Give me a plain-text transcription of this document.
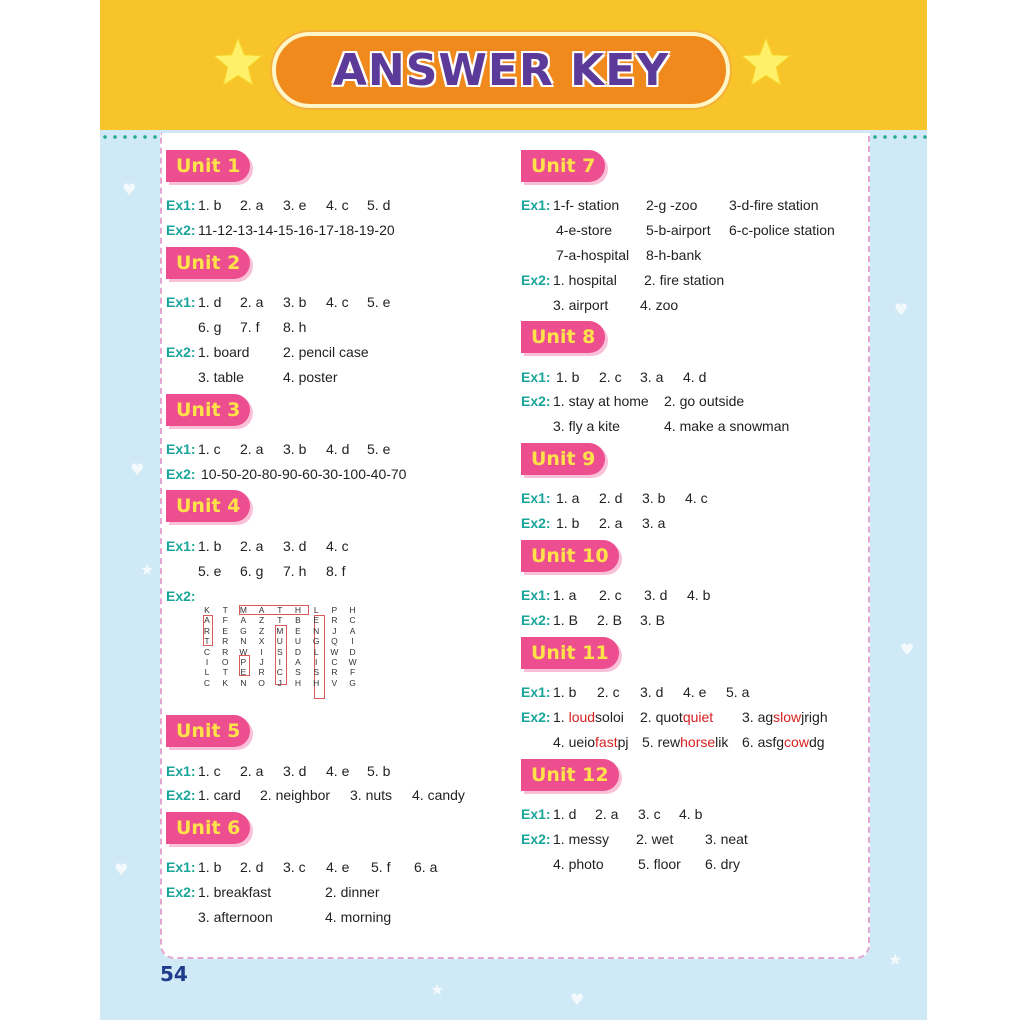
ANSWER KEY
♥
♥
♥
♥
♥
★
★
♥
★
Unit 1
Ex1: 1. b 2. a 3. e 4. c 5. d
Ex2: 11-12-13-14-15-16-17-18-19-20
Unit 2
Ex1: 1. d 2. a 3. b 4. c 5. e
6. g 7. f 8. h
Ex2: 1. board 2. pencil case
3. table	4. poster
Unit 3
Ex1: 1. c 2. a 3. b 4. d 5. e
Ex2: 10-50-20-80-90-60-30-100-40-70
Unit 4
Ex1: 1. b 2. a 3. d 4. c
5. e 6. g 7. h 8. f
Ex2:
K	T	M	A	T	H	L	P	H
A	F	A	Z	T	B	E	R	C
R	E	G	Z	M	E	N	J	A
T	R	N	X	U	U	G	Q	I
C	R	W	I	S	D	L	W	D
I	O	P	J	I	A	I	C	W
L	T	E	R	C	S	S	R	F
C	K	N	O	J	H	H	V	G
Unit 5
Ex1: 1. c 2. a 3. d 4. e 5. b
Ex2: 1. card 2. neighbor 3. nuts 4. candy
Unit 6
Ex1: 1. b 2. d 3. c 4. e 5. f 6. a
Ex2: 1. breakfast	2. dinner
3. afternoon	4. morning
Unit 7
Ex1: 1-f- station 2-g -zoo 3-d-fire station
4-e-store 5-b-airport 6-c-police station
7-a-hospital 8-h-bank
Ex2: 1. hospital 2. fire station
3. airport 4. zoo
Unit 8
Ex1: 1. b 2. c 3. a 4. d
Ex2: 1. stay at home 2. go outside
3. fly a kite	4. make a snowman
Unit 9
Ex1: 1. a 2. d 3. b 4. c
Ex2: 1. b 2. a 3. a
Unit 10
Ex1: 1. a 2. c 3. d 4. b
Ex2: 1. B 2. B 3. B
Unit 11
Ex1: 1. b 2. c 3. d 4. e 5. a
Ex2: 1. loudsoloi 2. quotquiet 3. agslowjrigh
4. ueiofastpj 5. rewhorselik 6. asfgcowdg
Unit 12
Ex1: 1. d 2. a 3. c 4. b
Ex2: 1. messy 2. wet 3. neat
4. photo 5. floor 6. dry
54
